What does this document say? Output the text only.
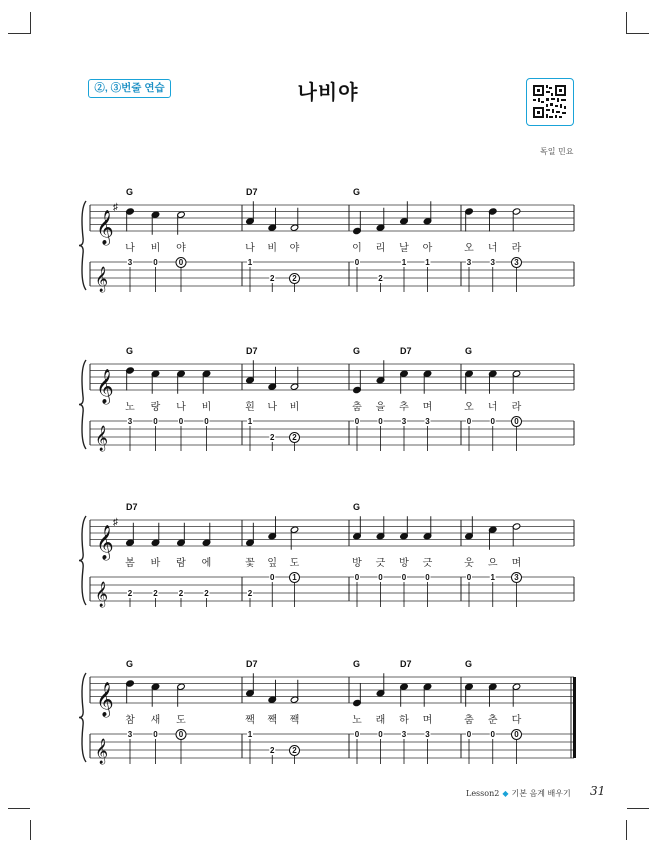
②, ③번줄 연습	나비야
독일 민요
𝄞
𝄞
♯
G	D7	G
나
3
비
0
야
0
나
1
비
2
야
2
이
0
리
2
날
1
아
1
오
3
너
3
라
3
𝄞
𝄞
G	D7	G	D7	G
노
3
랑
0
나
0
비
0
흰
1
나
2
비
2
춤
0
을
0
추
3
며
3
오
0
너
0
라
0
𝄞
𝄞
♯
D7	G
봄
2
바
2
람
2
에
2
꽃
2
잎
0
도
1
방
0
긋
0
방
0
긋
0
웃
0
으
1
며
3
𝄞
𝄞
G	D7	G	D7	G
참
3
새
0
도
0
짹
1
짹
2
짹
2
노
0
래
0
하
3
며
3
춤
0
춘
0
다
0
Lesson2 ◆ 기본 음계 배우기 31
